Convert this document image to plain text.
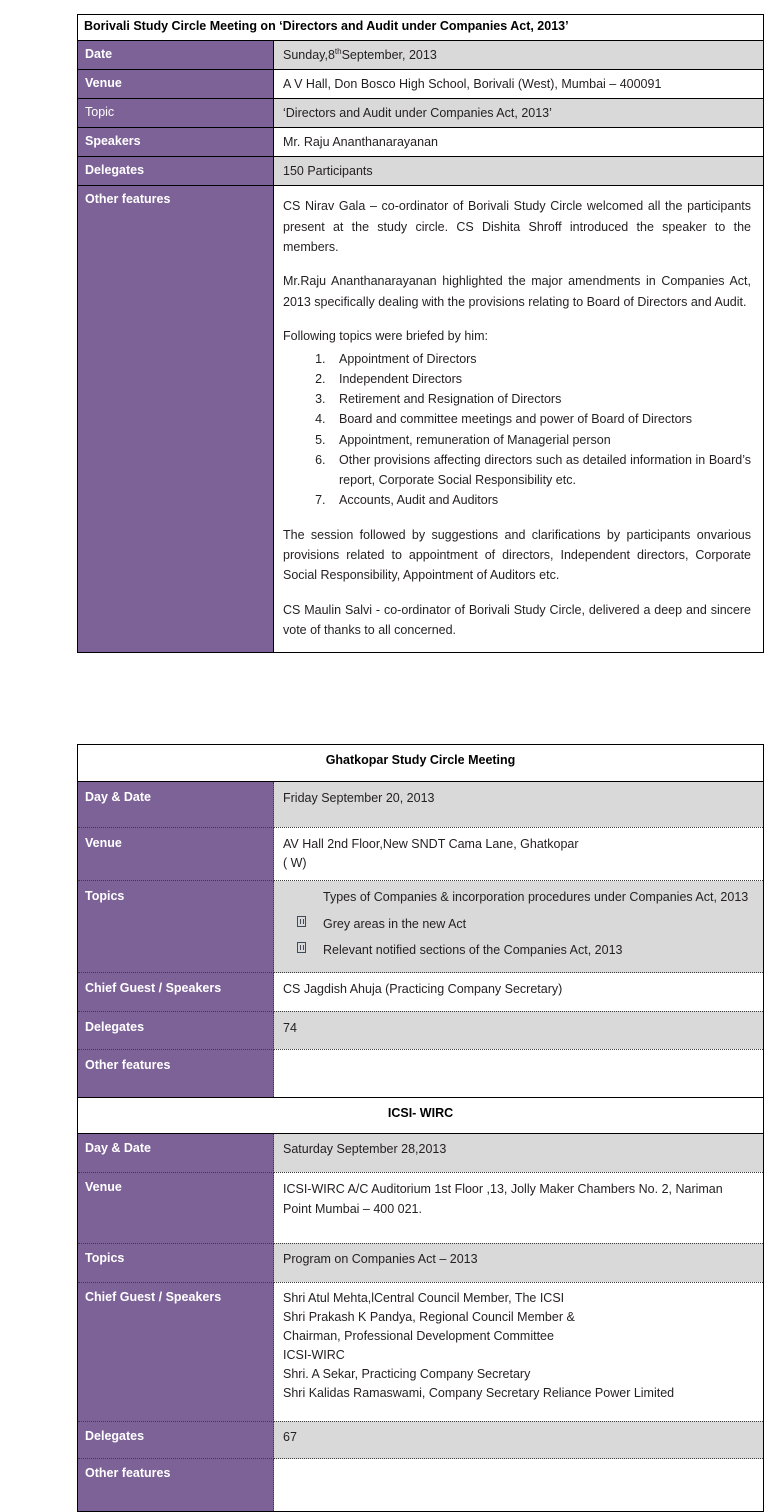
Borivali Study Circle Meeting on ‘Directors and Audit under Companies Act, 2013’	
Date	Sunday,8thSeptember, 2013
Venue	A V Hall, Don Bosco High School, Borivali (West), Mumbai – 400091
Topic	‘Directors and Audit under Companies Act, 2013’
Speakers	Mr. Raju Ananthanarayanan
Delegates	150 Participants
Other features	CS Nirav Gala – co-ordinator of Borivali Study Circle welcomed all the participants present at the study circle. CS Dishita Shroff introduced the speaker to the members.

Mr.Raju Ananthanarayanan highlighted the major amendments in Companies Act, 2013 specifically dealing with the provisions relating to Board of Directors and Audit.

Following topics were briefed by him:

1. Appointment of Directors
2. Independent Directors
3. Retirement and Resignation of Directors
4. Board and committee meetings and power of Board of Directors
5. Appointment, remuneration of Managerial person
6. Other provisions affecting directors such as detailed information in Board’s report, Corporate Social Responsibility etc.
7. Accounts, Audit and Auditors

The session followed by suggestions and clarifications by participants onvarious provisions related to appointment of directors, Independent directors, Corporate Social Responsibility, Appointment of Auditors etc.

CS Maulin Salvi - co-ordinator of Borivali Study Circle, delivered a deep and sincere vote of thanks to all concerned.

Ghatkopar Study Circle Meeting	
Day & Date	Friday September 20, 2013
Venue	AV Hall 2nd Floor,New SNDT Cama Lane, Ghatkopar
( W)

Topics	Types of Companies & incorporation procedures under Companies Act, 2013
Grey areas in the new Act
Relevant notified sections of the Companies Act, 2013

Chief Guest / Speakers	CS Jagdish Ahuja (Practicing Company Secretary)
Delegates	74
Other features	
ICSI- WIRC	
Day & Date	Saturday September 28,2013
Venue	ICSI-WIRC A/C Auditorium 1st Floor ,13, Jolly Maker Chambers No. 2, Nariman Point Mumbai – 400 021.
Topics	Program on Companies Act – 2013
Chief Guest / Speakers	Shri Atul Mehta,lCentral Council Member, The ICSI
Shri Prakash K Pandya, Regional Council Member &
Chairman, Professional Development Committee
ICSI-WIRC
Shri. A Sekar, Practicing Company Secretary
Shri Kalidas Ramaswami, Company Secretary Reliance Power Limited

Delegates	67
Other features	
